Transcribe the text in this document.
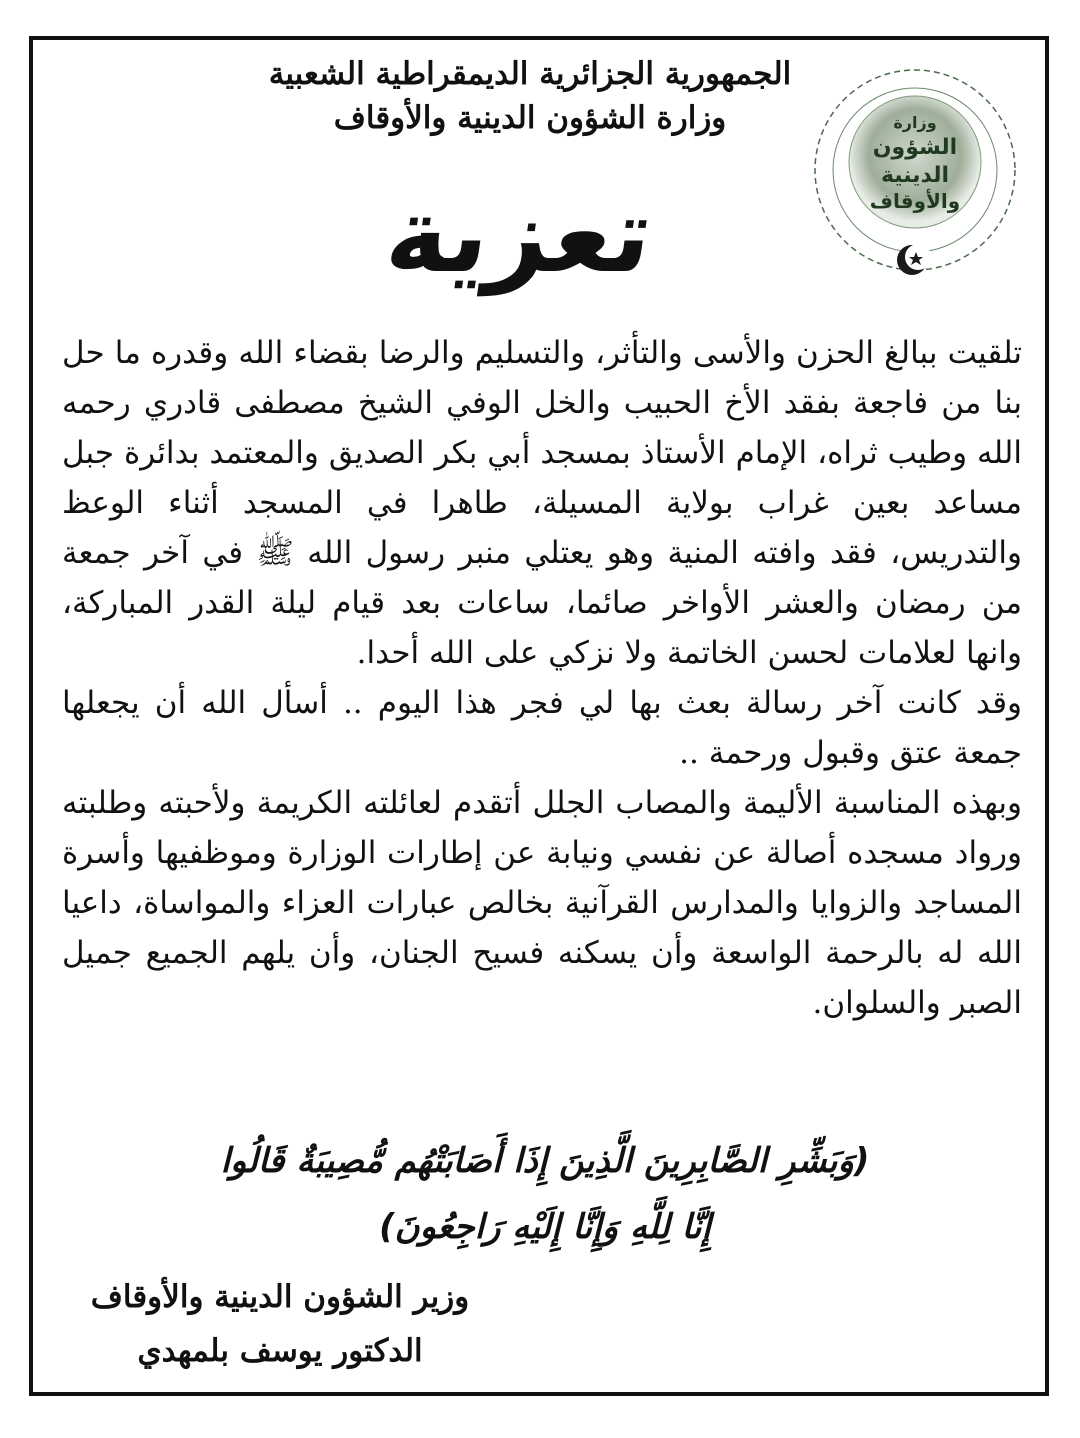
الجمهورية الجزائرية الديمقراطية الشعبية
وزارة الشؤون الدينية والأوقاف	وزارة
الشؤون
الدينية
والأوقاف
تعزية

تلقيت ببالغ الحزن والأسى والتأثر، والتسليم والرضا بقضاء الله وقدره ما حل بنا من فاجعة بفقد الأخ الحبيب والخل الوفي الشيخ مصطفى قادري رحمه الله وطيب ثراه، الإمام الأستاذ بمسجد أبي بكر الصديق والمعتمد بدائرة جبل مساعد بعين غراب بولاية المسيلة، طاهرا في المسجد أثناء الوعظ والتدريس، فقد وافته المنية وهو يعتلي منبر رسول الله ﷺ في آخر جمعة من رمضان والعشر الأواخر صائما، ساعات بعد قيام ليلة القدر المباركة، وانها لعلامات لحسن الخاتمة ولا نزكي على الله أحدا.

وقد كانت آخر رسالة بعث بها لي فجر هذا اليوم .. أسأل الله أن يجعلها جمعة عتق وقبول ورحمة ..

وبهذه المناسبة الأليمة والمصاب الجلل أتقدم لعائلته الكريمة ولأحبته وطلبته ورواد مسجده أصالة عن نفسي ونيابة عن إطارات الوزارة وموظفيها وأسرة المساجد والزوايا والمدارس القرآنية بخالص عبارات العزاء والمواساة، داعيا الله له بالرحمة الواسعة وأن يسكنه فسيح الجنان، وأن يلهم الجميع جميل الصبر والسلوان.

(وَبَشِّرِ الصَّابِرِينَ الَّذِينَ إِذَا أَصَابَتْهُم مُّصِيبَةٌ قَالُوا
إِنَّا لِلَّهِ وَإِنَّا إِلَيْهِ رَاجِعُونَ)
وزير الشؤون الدينية والأوقاف
الدكتور يوسف بلمهدي
